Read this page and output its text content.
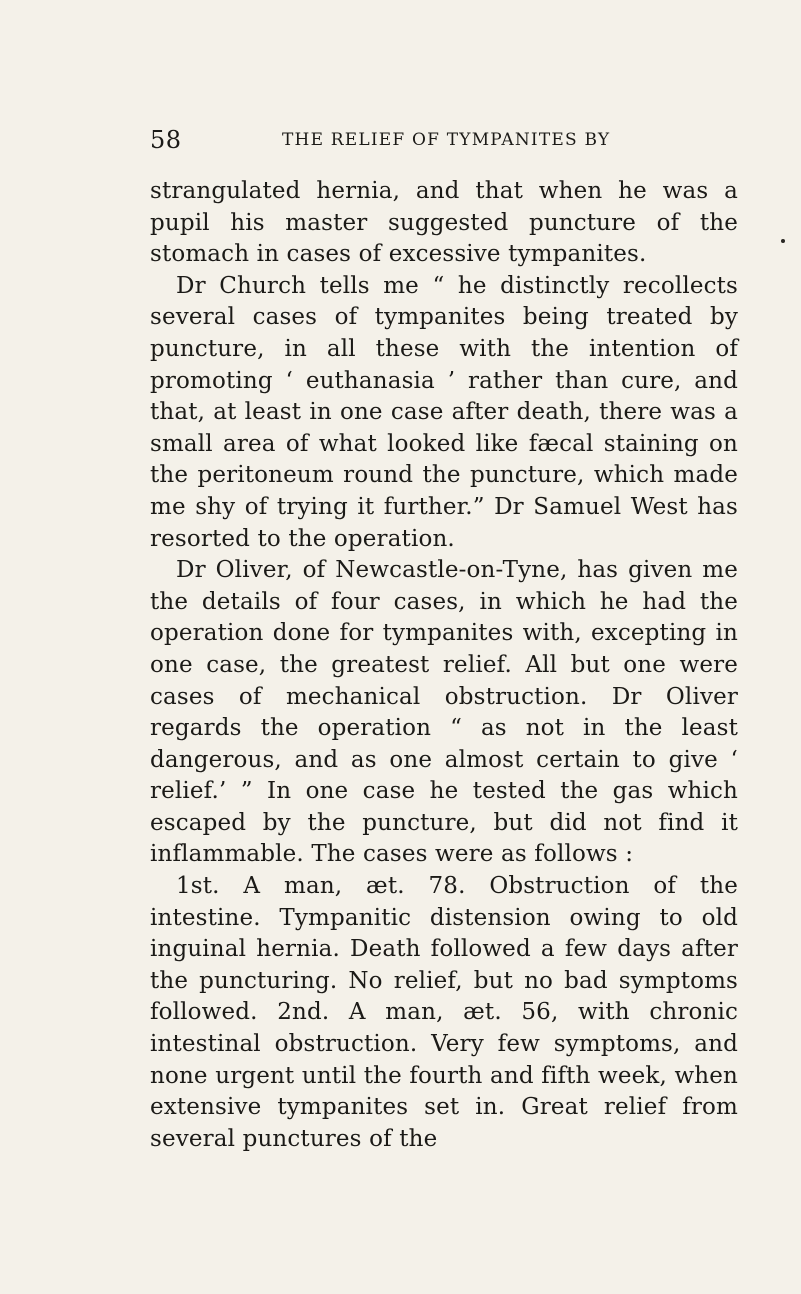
58	THE RELIEF OF TYMPANITES BY

strangulated hernia, and that when he was a pupil his master suggested puncture of the stomach in cases of excessive tympanites.

Dr Church tells me “ he distinctly recollects several cases of tympanites being treated by puncture, in all these with the intention of promoting ‘ euthanasia ’ rather than cure, and that, at least in one case after death, there was a small area of what looked like fæcal staining on the peritoneum round the puncture, which made me shy of trying it further.” Dr Samuel West has resorted to the operation.

Dr Oliver, of Newcastle-on-Tyne, has given me the details of four cases, in which he had the operation done for tympanites with, excepting in one case, the greatest relief. All but one were cases of mechanical obstruction. Dr Oliver regards the operation “ as not in the least dangerous, and as one almost certain to give ‘ relief.’ ” In one case he tested the gas which escaped by the puncture, but did not find it inflammable. The cases were as follows :

1st. A man, æt. 78. Obstruction of the intestine. Tympanitic distension owing to old inguinal hernia. Death followed a few days after the puncturing. No relief, but no bad symptoms followed. 2nd. A man, æt. 56, with chronic intestinal obstruction. Very few symptoms, and none urgent until the fourth and fifth week, when extensive tympanites set in. Great relief from several punctures of the
